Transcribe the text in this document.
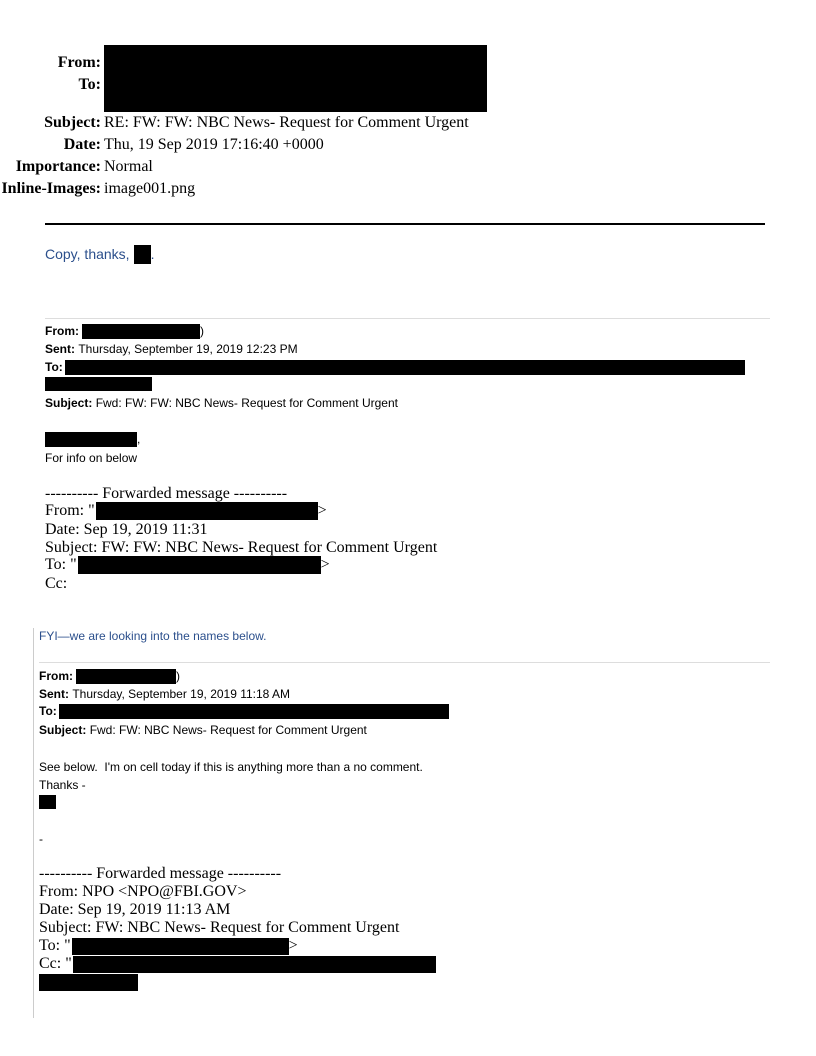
From:
To:
Subject: RE: FW: FW: NBC News- Request for Comment Urgent
Date: Thu, 19 Sep 2019 17:16:40 +0000
Importance: Normal
Inline-Images: image001.png
Copy, thanks, .
From:	)
Sent:
Thursday, September 19, 2019 12:23 PM
To:
Subject:
Fwd: FW: FW: NBC News- Request for Comment Urgent
,
For info on below
---------- Forwarded message ----------
From: "	>
Date: Sep 19, 2019 11:31
Subject: FW: FW: NBC News- Request for Comment Urgent
To: "	>
Cc:
FYI—we are looking into the names below.
From:	)
Sent:
Thursday, September 19, 2019 11:18 AM
To:
Subject:
Fwd: FW: NBC News- Request for Comment Urgent
See below.  I'm on cell today if this is anything more than a no comment.
Thanks -
-
---------- Forwarded message ----------
From: NPO <NPO@FBI.GOV>
Date: Sep 19, 2019 11:13 AM
Subject: FW: NBC News- Request for Comment Urgent
To: "	>
Cc: "
